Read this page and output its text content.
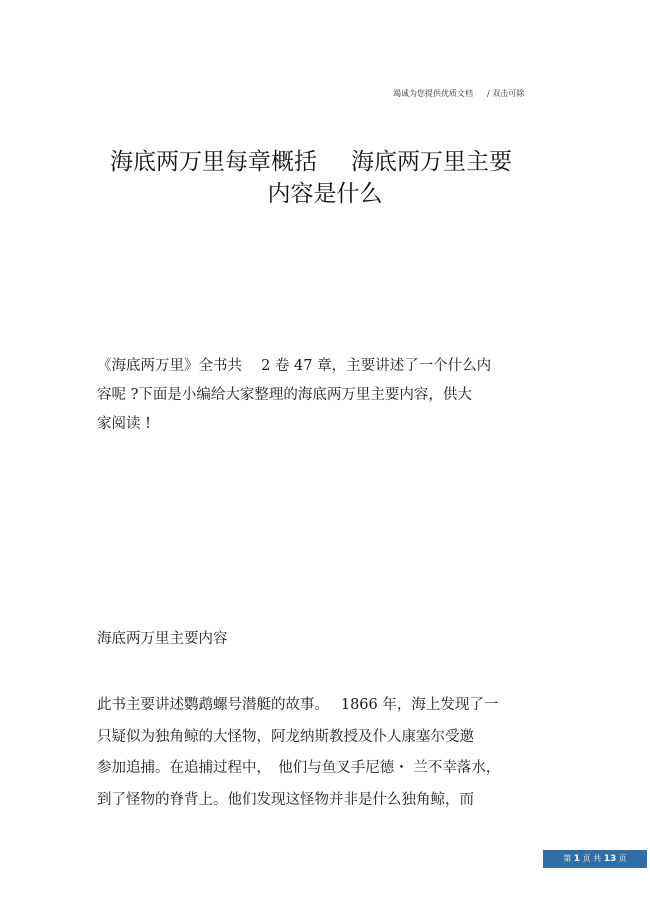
竭诚为您提供优质文档 / 双击可除
海底两万里每章概括 海底两万里主要
内容是什么
《海底两万里》全书共　 2 卷 47 章，主要讲述了一个什么内
容呢 ?下面是小编给大家整理的海底两万里主要内容，供大
家阅读 !
海底两万里主要内容
此书主要讲述鹦鹉螺号潜艇的故事。　 1866 年，海上发现了一
只疑似为独角鲸的大怪物，阿龙纳斯教授及仆人康塞尔受邀
参加追捕。在追捕过程中，　他们与鱼叉手尼德・ 兰不幸落水，
到了怪物的脊背上。他们发现这怪物并非是什么独角鲸，而
第 1 页 共 13 页
